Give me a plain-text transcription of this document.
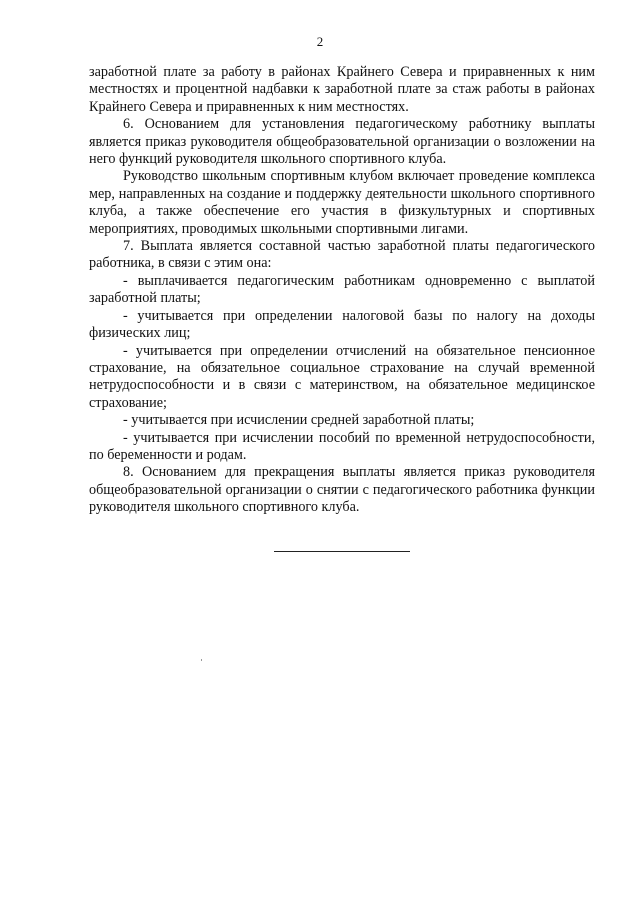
2

заработной плате за работу в районах Крайнего Севера и приравненных к ним местностях и процентной надбавки к заработной плате за стаж работы в районах Крайнего Севера и приравненных к ним местностях.

6. Основанием для установления педагогическому работнику выплаты является приказ руководителя общеобразовательной организации о возложении на него функций руководителя школьного спортивного клуба.

Руководство школьным спортивным клубом включает проведение комплекса мер, направленных на создание и поддержку деятельности школьного спортивного клуба, а также обеспечение его участия в физкультурных и спортивных мероприятиях, проводимых школьными спортивными лигами.

7. Выплата является составной частью заработной платы педагогического работника, в связи с этим она:

- выплачивается педагогическим работникам одновременно с выплатой заработной платы;

- учитывается при определении налоговой базы по налогу на доходы физических лиц;

- учитывается при определении отчислений на обязательное пенсионное страхование, на обязательное социальное страхование на случай временной нетрудоспособности и в связи с материнством, на обязательное медицинское страхование;

- учитывается при исчислении средней заработной платы;

- учитывается при исчислении пособий по временной нетрудоспособности, по беременности и родам.

8. Основанием для прекращения выплаты является приказ руководителя общеобразовательной организации о снятии с педагогического работника функции руководителя школьного спортивного клуба.
